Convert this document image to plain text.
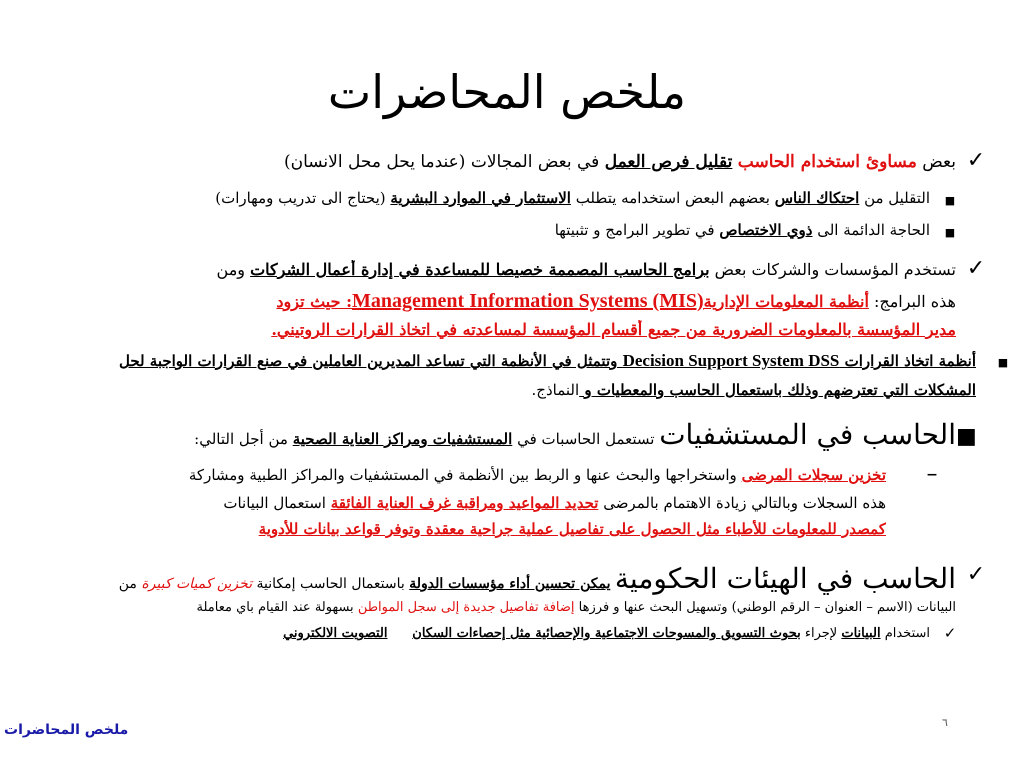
ملخص المحاضرات
✓
بعض مساوئ استخدام الحاسب تقليل فرص العمل في بعض المجالات (عندما يحل محل الانسان)
■
التقليل من احتكاك الناس بعضهم البعض استخدامه يتطلب الاستثمار في الموارد البشرية (يحتاج الى تدريب ومهارات)
■
الحاجة الدائمة الى ذوي الاختصاص في تطوير البرامج و تثبيتها
✓
تستخدم المؤسسات والشركات بعض برامج الحاسب المصممة خصيصا للمساعدة في إدارة أعمال الشركات ومن
هذه البرامج: أنظمة المعلومات الإداريةManagement Information Systems (MIS): حيث تزود
مدير المؤسسة بالمعلومات الضرورية من جميع أقسام المؤسسة لمساعدته في اتخاذ القرارات الروتيني.
■
أنظمة اتخاذ القرارات Decision Support System DSS وتتمثل في الأنظمة التي تساعد المديرين العاملين في صنع القرارات الواجبة لحل
المشكلات التي تعترضهم وذلك باستعمال الحاسب والمعطيات و النماذج.
■
الحاسب في المستشفيات تستعمل الحاسبات في المستشفيات ومراكز العناية الصحية من أجل التالي:
–
تخزين سجلات المرضى واستخراجها والبحث عنها و الربط بين الأنظمة في المستشفيات والمراكز الطبية ومشاركة
هذه السجلات وبالتالي زيادة الاهتمام بالمرضى تحديد المواعيد ومراقبة غرف العناية الفائقة استعمال البيانات
كمصدر للمعلومات للأطباء مثل الحصول على تفاصيل عملية جراحية معقدة وتوفر قواعد بيانات للأدوية
✓
الحاسب في الهيئات الحكومية يمكن تحسين أداء مؤسسات الدولة باستعمال الحاسب إمكانية تخزين كميات كبيرة من
البيانات (الاسم – العنوان – الرقم الوطني) وتسهيل البحث عنها و فرزها إضافة تفاصيل جديدة إلى سجل المواطن بسهولة عند القيام بأي معاملة
✓
استخدام البيانات لإجراء بحوث التسويق والمسوحات الاجتماعية والإحصائية مثل إحصاءات السكان      التصويت الالكتروني
٦
ملخص المحاضرات
